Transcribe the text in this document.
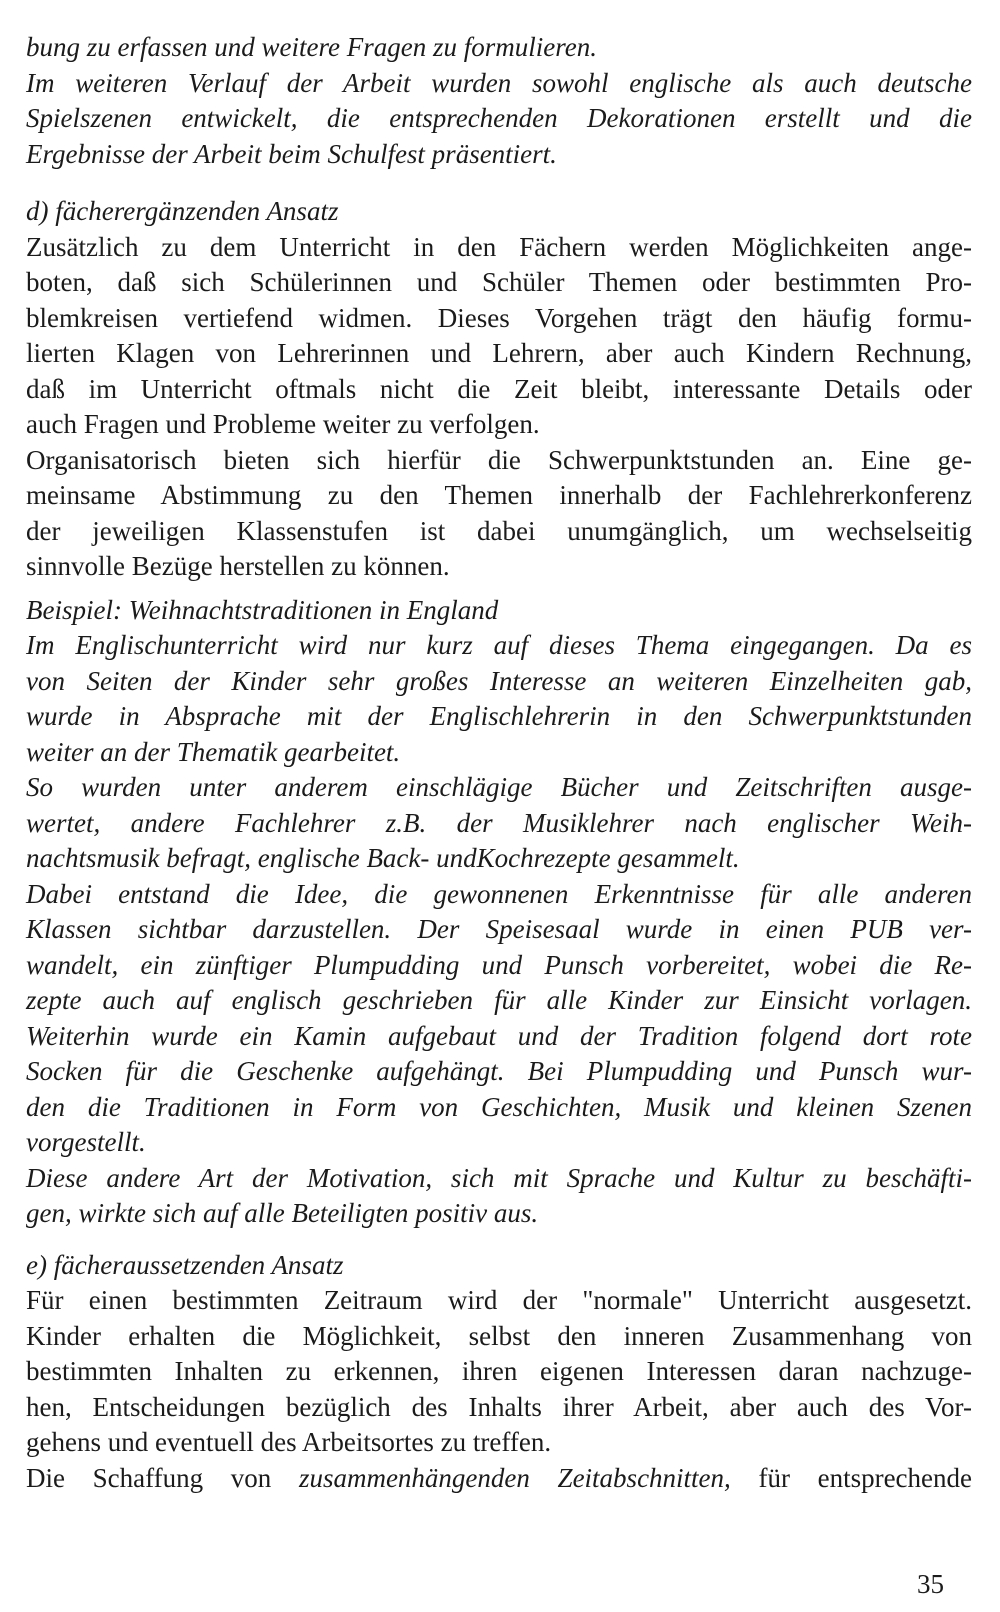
bung zu erfassen und weitere Fragen zu formulieren.
Im weiteren Verlauf der Arbeit wurden sowohl englische als auch deutsche
Spielszenen entwickelt, die entsprechenden Dekorationen erstellt und die
Ergebnisse der Arbeit beim Schulfest präsentiert.
d) fächerergänzenden Ansatz
Zusätzlich zu dem Unterricht in den Fächern werden Möglichkeiten ange-
boten, daß sich Schülerinnen und Schüler Themen oder bestimmten Pro-
blemkreisen vertiefend widmen. Dieses Vorgehen trägt den häufig formu-
lierten Klagen von Lehrerinnen und Lehrern, aber auch Kindern Rechnung,
daß im Unterricht oftmals nicht die Zeit bleibt, interessante Details oder
auch Fragen und Probleme weiter zu verfolgen.
Organisatorisch bieten sich hierfür die Schwerpunktstunden an. Eine ge-
meinsame Abstimmung zu den Themen innerhalb der Fachlehrerkonferenz
der jeweiligen Klassenstufen ist dabei unumgänglich, um wechselseitig
sinnvolle Bezüge herstellen zu können.
Beispiel: Weihnachtstraditionen in England
Im Englischunterricht wird nur kurz auf dieses Thema eingegangen. Da es
von Seiten der Kinder sehr großes Interesse an weiteren Einzelheiten gab,
wurde in Absprache mit der Englischlehrerin in den Schwerpunktstunden
weiter an der Thematik gearbeitet.
So wurden unter anderem einschlägige Bücher und Zeitschriften ausge-
wertet, andere Fachlehrer z.B. der Musiklehrer nach englischer Weih-
nachtsmusik befragt, englische Back- undKochrezepte gesammelt.
Dabei entstand die Idee, die gewonnenen Erkenntnisse für alle anderen
Klassen sichtbar darzustellen. Der Speisesaal wurde in einen PUB ver-
wandelt, ein zünftiger Plumpudding und Punsch vorbereitet, wobei die Re-
zepte auch auf englisch geschrieben für alle Kinder zur Einsicht vorlagen.
Weiterhin wurde ein Kamin aufgebaut und der Tradition folgend dort rote
Socken für die Geschenke aufgehängt. Bei Plumpudding und Punsch wur-
den die Traditionen in Form von Geschichten, Musik und kleinen Szenen
vorgestellt.
Diese andere Art der Motivation, sich mit Sprache und Kultur zu beschäfti-
gen, wirkte sich auf alle Beteiligten positiv aus.
e) fächeraussetzenden Ansatz
Für einen bestimmten Zeitraum wird der "normale" Unterricht ausgesetzt.
Kinder erhalten die Möglichkeit, selbst den inneren Zusammenhang von
bestimmten Inhalten zu erkennen, ihren eigenen Interessen daran nachzuge-
hen, Entscheidungen bezüglich des Inhalts ihrer Arbeit, aber auch des Vor-
gehens und eventuell des Arbeitsortes zu treffen.
Die Schaffung von zusammenhängenden Zeitabschnitten, für entsprechende
35
